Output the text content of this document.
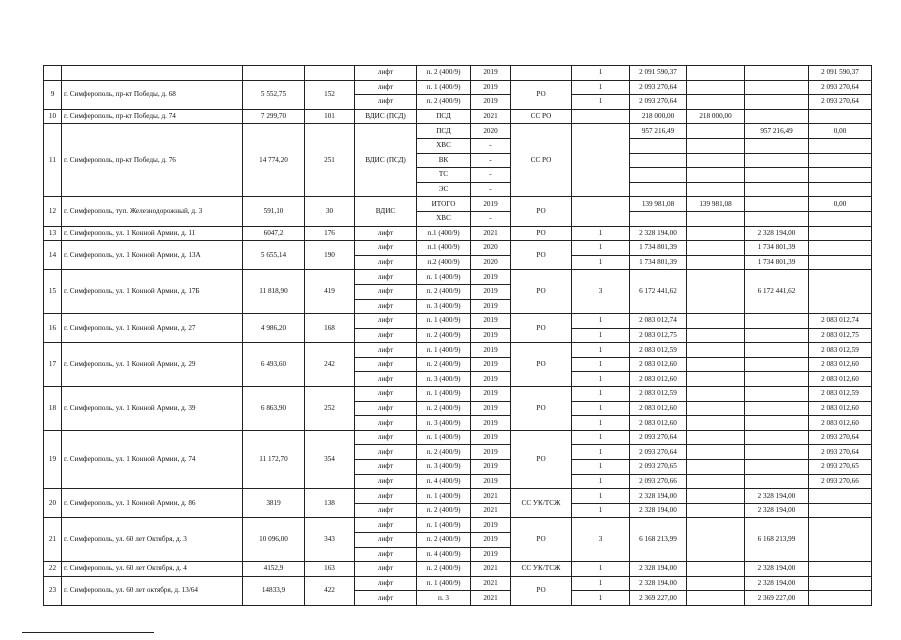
				лифт	п. 2 (400/9)	2019		1	2 091 590,37			2 091 590,37
9	г. Симферополь, пр-кт Победы, д. 68	5 552,75	152	лифт	п. 1 (400/9)	2019	РО	1	2 093 270,64			2 093 270,64
				лифт	п. 2 (400/9)	2019		1	2 093 270,64			2 093 270,64
10	г. Симферополь, пр-кт Победы, д. 74	7 299,70	101	ВДИС (ПСД)	ПСД	2021	СС РО		218 000,00	218 000,00		
11	г. Симферополь, пр-кт Победы, д. 76	14 774,20	251	ВДИС (ПСД)	ПСД	2020	СС РО		957 216,49		957 216,49	0,00
					ХВС	-						
					ВК	-						
					ТС	-						
					ЭС	-						
12	г. Симферополь, туп. Железнодорожный, д. 3	591,10	30	ВДИС	ИТОГО	2019	РО		139 981,08	139 981,08		0,00
					ХВС	-						
13	г. Симферополь, ул. 1 Конной Армии, д. 11	6047,2	176	лифт	п.1 (400/9)	2021	РО	1	2 328 194,00		2 328 194,00	
14	г. Симферополь, ул. 1 Конной Армии, д. 13А	5 655,14	190	лифт	п.1 (400/9)	2020	РО	1	1 734 801,39		1 734 801,39	
				лифт	п.2 (400/9)	2020		1	1 734 801,39		1 734 801,39	
15	г. Симферополь, ул. 1 Конной Армии, д. 17Б	11 818,90	419	лифт	п. 1 (400/9)	2019	РО	3	6 172 441,62		6 172 441,62	
				лифт	п. 2 (400/9)	2019						
				лифт	п. 3 (400/9)	2019						
16	г. Симферополь, ул. 1 Конной Армии, д. 27	4 986,20	168	лифт	п. 1 (400/9)	2019	РО	1	2 083 012,74			2 083 012,74
				лифт	п. 2 (400/9)	2019		1	2 083 012,75			2 083 012,75
17	г. Симферополь, ул. 1 Конной Армии, д. 29	6 493,60	242	лифт	п. 1 (400/9)	2019	РО	1	2 083 012,59			2 083 012,59
				лифт	п. 2 (400/9)	2019		1	2 083 012,60			2 083 012,60
				лифт	п. 3 (400/9)	2019		1	2 083 012,60			2 083 012,60
18	г. Симферополь, ул. 1 Конной Армии, д. 39	6 863,90	252	лифт	п. 1 (400/9)	2019	РО	1	2 083 012,59			2 083 012,59
				лифт	п. 2 (400/9)	2019		1	2 083 012,60			2 083 012,60
				лифт	п. 3 (400/9)	2019		1	2 083 012,60			2 083 012,60
19	г. Симферополь, ул. 1 Конной Армии, д. 74	11 172,70	354	лифт	п. 1 (400/9)	2019	РО	1	2 093 270,64			2 093 270,64
				лифт	п. 2 (400/9)	2019		1	2 093 270,64			2 093 270,64
				лифт	п. 3 (400/9)	2019		1	2 093 270,65			2 093 270,65
				лифт	п. 4 (400/9)	2019		1	2 093 270,66			2 093 270,66
20	г. Симферополь, ул. 1 Конной Армии, д. 86	3819	138	лифт	п. 1 (400/9)	2021	СС УК/ТСЖ	1	2 328 194,00		2 328 194,00	
				лифт	п. 2 (400/9)	2021		1	2 328 194,00		2 328 194,00	
21	г. Симферополь, ул. 60 лет Октября, д. 3	10 096,00	343	лифт	п. 1 (400/9)	2019	РО	3	6 168 213,99		6 168 213,99	
				лифт	п. 2 (400/9)	2019						
				лифт	п. 4 (400/9)	2019						
22	г. Симферополь, ул. 60 лет Октября, д. 4	4152,9	163	лифт	п. 2 (400/9)	2021	СС УК/ТСЖ	1	2 328 194,00		2 328 194,00	
23	г. Симферополь, ул. 60 лет октября, д. 13/64	14833,9	422	лифт	п. 1 (400/9)	2021	РО	1	2 328 194,00		2 328 194,00	
				лифт	п. 3	2021		1	2 369 227,00		2 369 227,00	
